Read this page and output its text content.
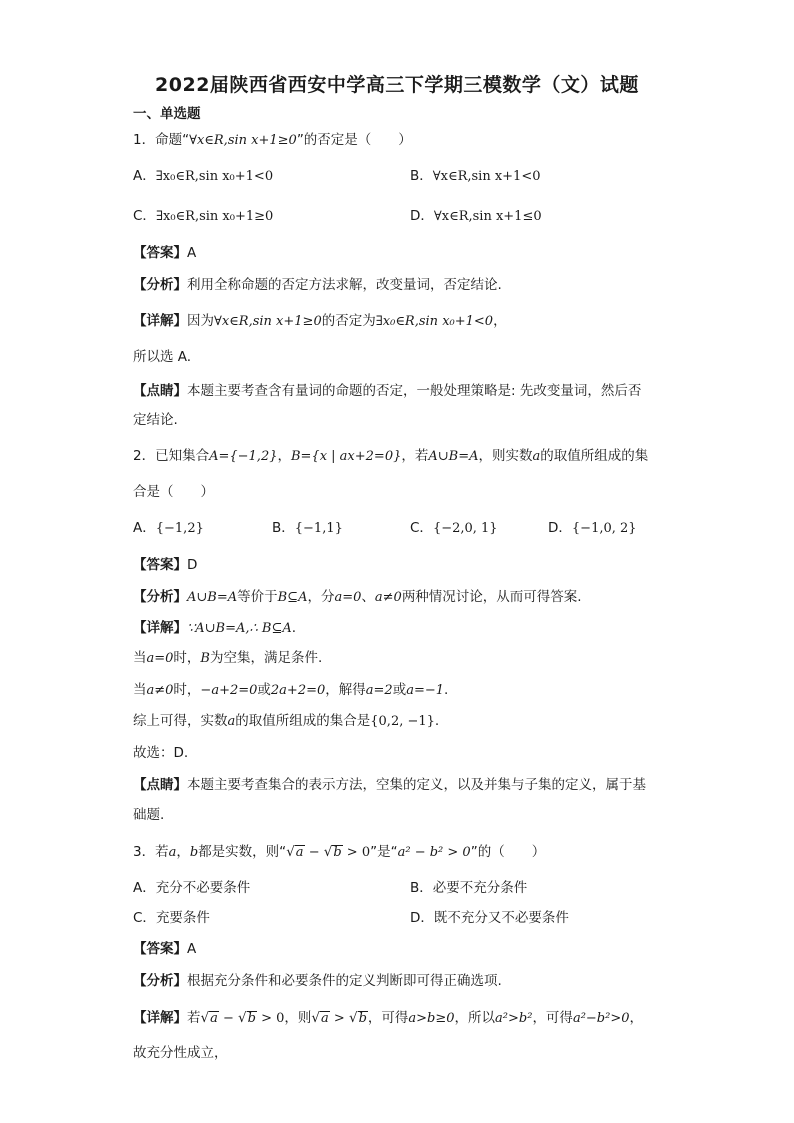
2022届陕西省西安中学高三下学期三模数学（文）试题
一、单选题
1．命题“∀x∈R,sin x+1≥0”的否定是（　　）
A．∃x₀∈R,sin x₀+1<0	B．∀x∈R,sin x+1<0
C．∃x₀∈R,sin x₀+1≥0	D．∀x∈R,sin x+1≤0
【答案】A
【分析】利用全称命题的否定方法求解，改变量词，否定结论.
【详解】因为∀x∈R,sin x+1≥0的否定为∃x₀∈R,sin x₀+1<0，
所以选 A.
【点睛】本题主要考查含有量词的命题的否定，一般处理策略是: 先改变量词，然后否
定结论.
2．已知集合A={−1,2}，B={x | ax+2=0}，若A∪B=A，则实数a的取值所组成的集
合是（　　）
A．{−1,2}	B．{−1,1}	C．{−2,0, 1}	D．{−1,0, 2}
【答案】D
【分析】A∪B=A等价于B⊆A，分a=0、a≠0两种情况讨论，从而可得答案.
【详解】∵A∪B=A,∴ B⊆A.
当a=0时，B为空集，满足条件.
当a≠0时，−a+2=0或2a+2=0，解得a=2或a=−1.
综上可得，实数a的取值所组成的集合是{0,2, −1}.
故选：D.
【点睛】本题主要考查集合的表示方法，空集的定义，以及并集与子集的定义，属于基
础题.
3．若a，b都是实数，则“√a − √b > 0”是“a² − b² > 0”的（　　）
A．充分不必要条件	B．必要不充分条件
C．充要条件	D．既不充分又不必要条件
【答案】A
【分析】根据充分条件和必要条件的定义判断即可得正确选项.
【详解】若√a − √b > 0，则√a > √b，可得a>b≥0，所以a²>b²，可得a²−b²>0，
故充分性成立，
